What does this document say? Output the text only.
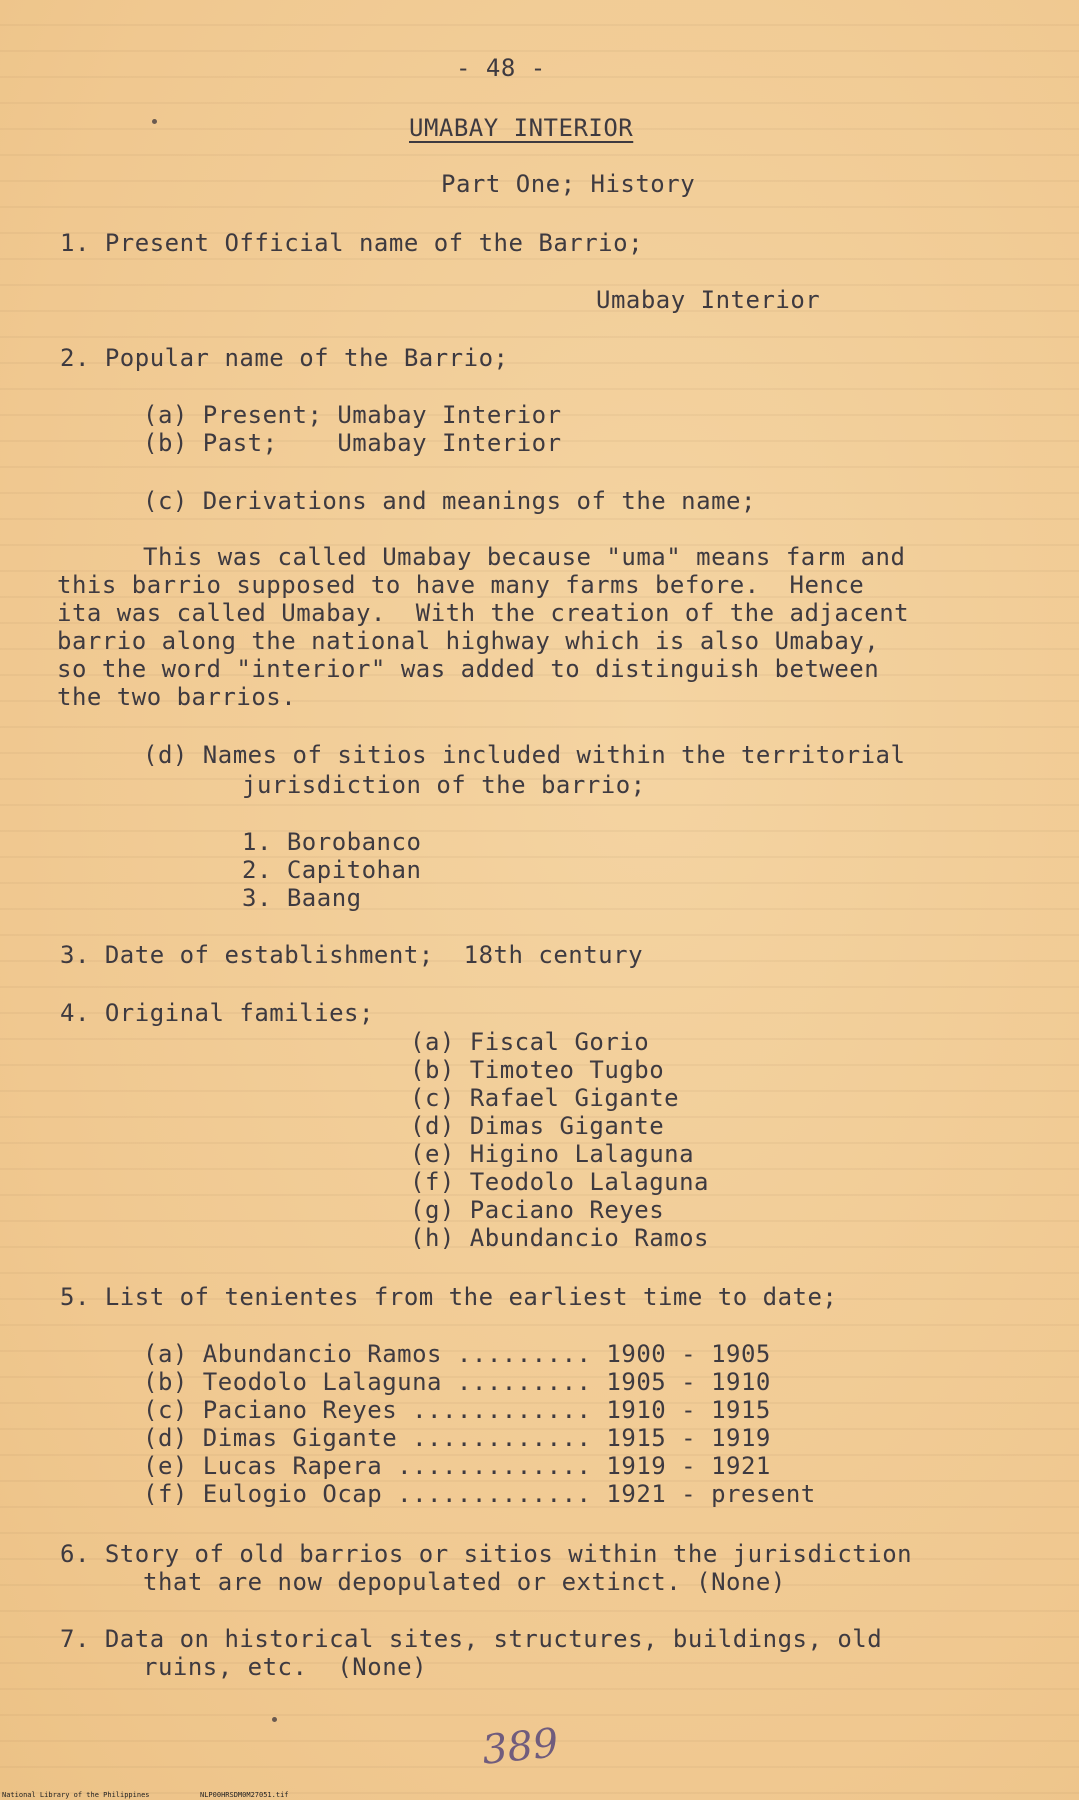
- 48 -
UMABAY INTERIOR
Part One; History
1. Present Official name of the Barrio;
Umabay Interior
2. Popular name of the Barrio;
(a) Present; Umabay Interior
(b) Past;    Umabay Interior
(c) Derivations and meanings of the name;
This was called Umabay because "uma" means farm and
this barrio supposed to have many farms before.  Hence
ita was called Umabay.  With the creation of the adjacent
barrio along the national highway which is also Umabay,
so the word "interior" was added to distinguish between
the two barrios.
(d) Names of sitios included within the territorial
jurisdiction of the barrio;
1. Borobanco
2. Capitohan
3. Baang
3. Date of establishment;  18th century
4. Original families;
(a) Fiscal Gorio
(b) Timoteo Tugbo
(c) Rafael Gigante
(d) Dimas Gigante
(e) Higino Lalaguna
(f) Teodolo Lalaguna
(g) Paciano Reyes
(h) Abundancio Ramos
5. List of tenientes from the earliest time to date;
(a) Abundancio Ramos ......... 1900 - 1905
(b) Teodolo Lalaguna ......... 1905 - 1910
(c) Paciano Reyes ............ 1910 - 1915
(d) Dimas Gigante ............ 1915 - 1919
(e) Lucas Rapera ............. 1919 - 1921
(f) Eulogio Ocap ............. 1921 - present
6. Story of old barrios or sitios within the jurisdiction
that are now depopulated or extinct. (None)
7. Data on historical sites, structures, buildings, old
ruins, etc.  (None)
389
National Library of the Philippines	NLP00HRSDM0M27051.tif
